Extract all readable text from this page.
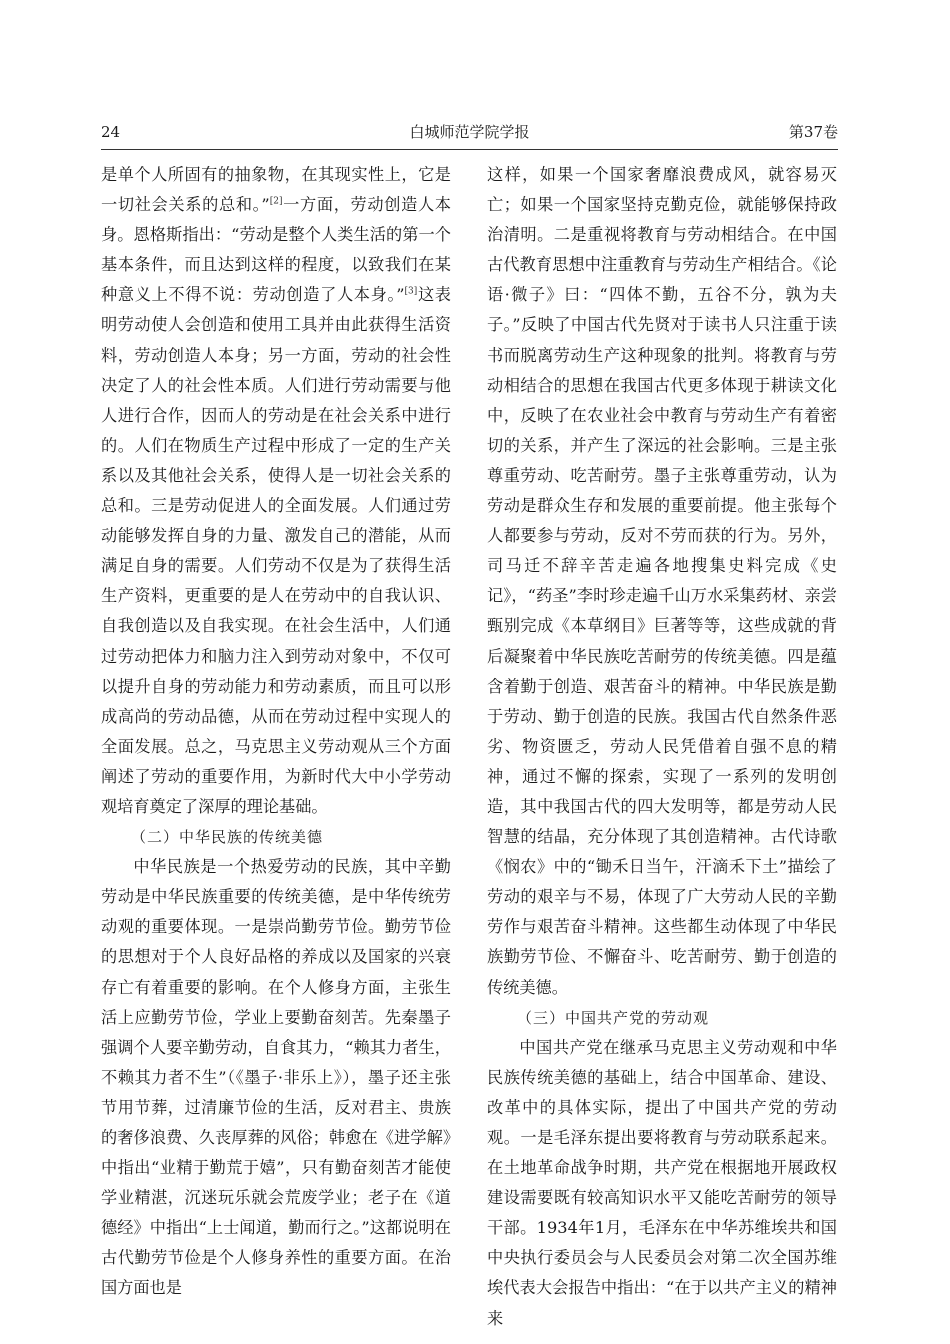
24	白城师范学院学报	第37卷

是单个人所固有的抽象物，在其现实性上，它是一切社会关系的总和。”[2]一方面，劳动创造人本身。恩格斯指出：“劳动是整个人类生活的第一个基本条件，而且达到这样的程度，以致我们在某种意义上不得不说：劳动创造了人本身。”[3]这表明劳动使人会创造和使用工具并由此获得生活资料，劳动创造人本身；另一方面，劳动的社会性决定了人的社会性本质。人们进行劳动需要与他人进行合作，因而人的劳动是在社会关系中进行的。人们在物质生产过程中形成了一定的生产关系以及其他社会关系，使得人是一切社会关系的总和。三是劳动促进人的全面发展。人们通过劳动能够发挥自身的力量、激发自己的潜能，从而满足自身的需要。人们劳动不仅是为了获得生活生产资料，更重要的是人在劳动中的自我认识、自我创造以及自我实现。在社会生活中，人们通过劳动把体力和脑力注入到劳动对象中，不仅可以提升自身的劳动能力和劳动素质，而且可以形成高尚的劳动品德，从而在劳动过程中实现人的全面发展。总之，马克思主义劳动观从三个方面阐述了劳动的重要作用，为新时代大中小学劳动观培育奠定了深厚的理论基础。

（二）中华民族的传统美德

中华民族是一个热爱劳动的民族，其中辛勤劳动是中华民族重要的传统美德，是中华传统劳动观的重要体现。一是崇尚勤劳节俭。勤劳节俭的思想对于个人良好品格的养成以及国家的兴衰存亡有着重要的影响。在个人修身方面，主张生活上应勤劳节俭，学业上要勤奋刻苦。先秦墨子强调个人要辛勤劳动，自食其力，“赖其力者生，不赖其力者不生”（《墨子·非乐上》），墨子还主张节用节葬，过清廉节俭的生活，反对君主、贵族的奢侈浪费、久丧厚葬的风俗；韩愈在《进学解》中指出“业精于勤荒于嬉”，只有勤奋刻苦才能使学业精湛，沉迷玩乐就会荒废学业；老子在《道德经》中指出“上士闻道，勤而行之。”这都说明在古代勤劳节俭是个人修身养性的重要方面。在治国方面也是

这样，如果一个国家奢靡浪费成风，就容易灭亡；如果一个国家坚持克勤克俭，就能够保持政治清明。二是重视将教育与劳动相结合。在中国古代教育思想中注重教育与劳动生产相结合。《论语·微子》曰：“四体不勤，五谷不分，孰为夫子。”反映了中国古代先贤对于读书人只注重于读书而脱离劳动生产这种现象的批判。将教育与劳动相结合的思想在我国古代更多体现于耕读文化中，反映了在农业社会中教育与劳动生产有着密切的关系，并产生了深远的社会影响。三是主张尊重劳动、吃苦耐劳。墨子主张尊重劳动，认为劳动是群众生存和发展的重要前提。他主张每个人都要参与劳动，反对不劳而获的行为。另外，司马迁不辞辛苦走遍各地搜集史料完成《史记》，“药圣”李时珍走遍千山万水采集药材、亲尝甄别完成《本草纲目》巨著等等，这些成就的背后凝聚着中华民族吃苦耐劳的传统美德。四是蕴含着勤于创造、艰苦奋斗的精神。中华民族是勤于劳动、勤于创造的民族。我国古代自然条件恶劣、物资匮乏，劳动人民凭借着自强不息的精神，通过不懈的探索，实现了一系列的发明创造，其中我国古代的四大发明等，都是劳动人民智慧的结晶，充分体现了其创造精神。古代诗歌《悯农》中的“锄禾日当午，汗滴禾下土”描绘了劳动的艰辛与不易，体现了广大劳动人民的辛勤劳作与艰苦奋斗精神。这些都生动体现了中华民族勤劳节俭、不懈奋斗、吃苦耐劳、勤于创造的传统美德。

（三）中国共产党的劳动观

中国共产党在继承马克思主义劳动观和中华民族传统美德的基础上，结合中国革命、建设、改革中的具体实际，提出了中国共产党的劳动观。一是毛泽东提出要将教育与劳动联系起来。在土地革命战争时期，共产党在根据地开展政权建设需要既有较高知识水平又能吃苦耐劳的领导干部。1934年1月，毛泽东在中华苏维埃共和国中央执行委员会与人民委员会对第二次全国苏维埃代表大会报告中指出：“在于以共产主义的精神来
